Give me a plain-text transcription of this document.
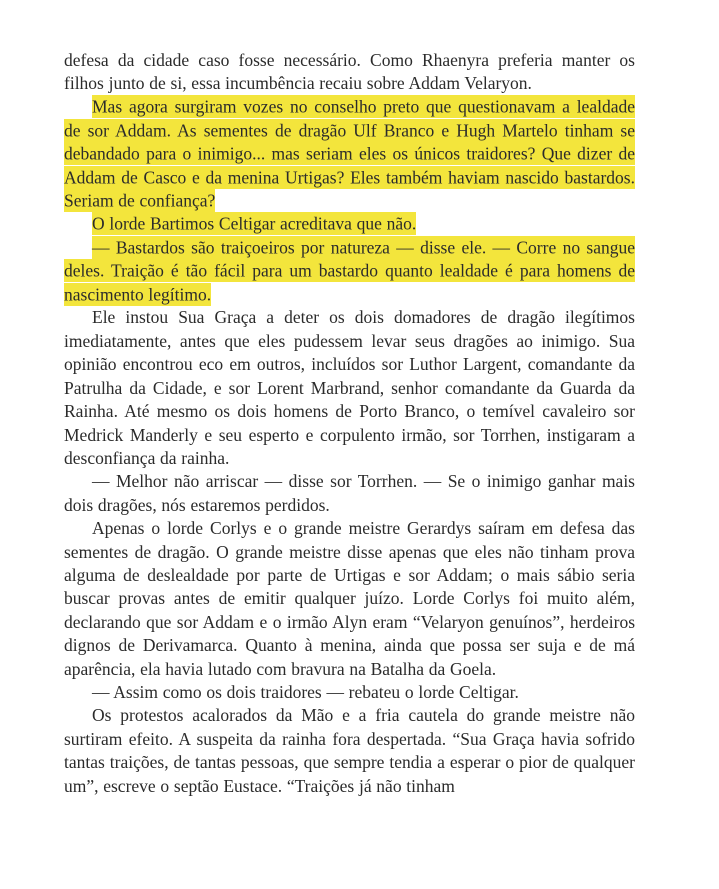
defesa da cidade caso fosse necessário. Como Rhaenyra preferia manter os filhos junto de si, essa incumbência recaiu sobre Addam Velaryon.

Mas agora surgiram vozes no conselho preto que questionavam a lealdade de sor Addam. As sementes de dragão Ulf Branco e Hugh Martelo tinham se debandado para o inimigo... mas seriam eles os únicos traidores? Que dizer de Addam de Casco e da menina Urtigas? Eles também haviam nascido bastardos. Seriam de confiança?

O lorde Bartimos Celtigar acreditava que não.

— Bastardos são traiçoeiros por natureza — disse ele. — Corre no sangue deles. Traição é tão fácil para um bastardo quanto lealdade é para homens de nascimento legítimo.

Ele instou Sua Graça a deter os dois domadores de dragão ilegítimos imediatamente, antes que eles pudessem levar seus dragões ao inimigo. Sua opinião encontrou eco em outros, incluídos sor Luthor Largent, comandante da Patrulha da Cidade, e sor Lorent Marbrand, senhor comandante da Guarda da Rainha. Até mesmo os dois homens de Porto Branco, o temível cavaleiro sor Medrick Manderly e seu esperto e corpulento irmão, sor Torrhen, instigaram a desconfiança da rainha.

— Melhor não arriscar — disse sor Torrhen. — Se o inimigo ganhar mais dois dragões, nós estaremos perdidos.

Apenas o lorde Corlys e o grande meistre Gerardys saíram em defesa das sementes de dragão. O grande meistre disse apenas que eles não tinham prova alguma de deslealdade por parte de Urtigas e sor Addam; o mais sábio seria buscar provas antes de emitir qualquer juízo. Lorde Corlys foi muito além, declarando que sor Addam e o irmão Alyn eram “Velaryon genuínos”, herdeiros dignos de Derivamarca. Quanto à menina, ainda que possa ser suja e de má aparência, ela havia lutado com bravura na Batalha da Goela.

— Assim como os dois traidores — rebateu o lorde Celtigar.

Os protestos acalorados da Mão e a fria cautela do grande meistre não surtiram efeito. A suspeita da rainha fora despertada. “Sua Graça havia sofrido tantas traições, de tantas pessoas, que sempre tendia a esperar o pior de qualquer um”, escreve o septão Eustace. “Traições já não tinham
